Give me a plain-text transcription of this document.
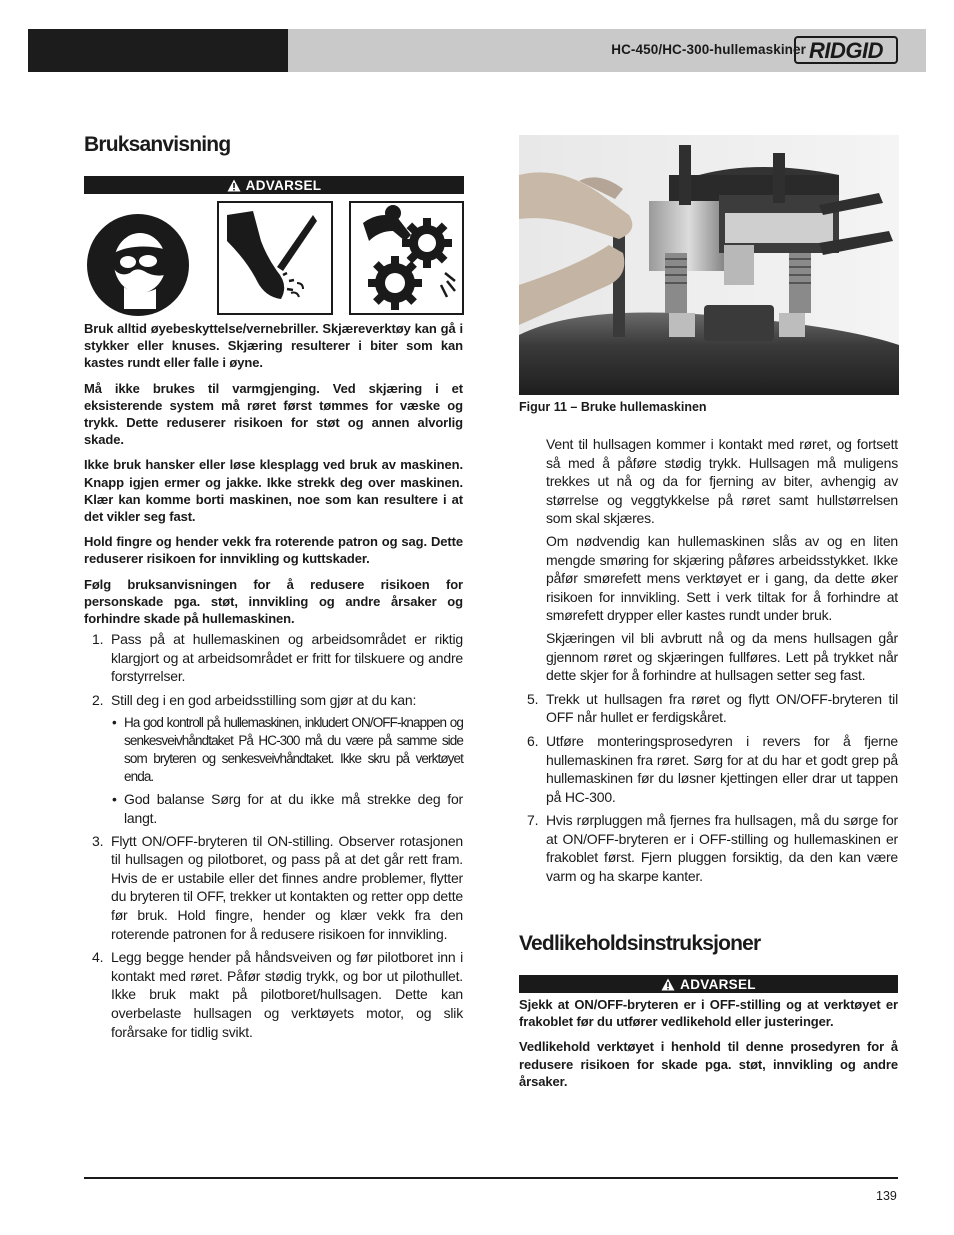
HC-450/HC-300-hullemaskiner RIDGID
Bruksanvisning
ADVARSEL
Bruk alltid øyebeskyttelse/vernebriller. Skjæreverktøy kan gå i stykker eller knuses. Skjæring resulterer i biter som kan kastes rundt eller falle i øyne.
Må ikke brukes til varmgjenging. Ved skjæring i et eksisterende system må røret først tømmes for væske og trykk. Dette reduserer risikoen for støt og annen alvorlig skade.
Ikke bruk hansker eller løse klesplagg ved bruk av maskinen. Knapp igjen ermer og jakke. Ikke strekk deg over maskinen. Klær kan komme borti maskinen, noe som kan resultere i at det vikler seg fast.
Hold fingre og hender vekk fra roterende patron og sag. Dette reduserer risikoen for innvikling og kuttskader.
Følg bruksanvisningen for å redusere risikoen for personskade pga. støt, innvikling og andre årsaker og forhindre skade på hullemaskinen.
1. Pass på at hullemaskinen og arbeidsområdet er riktig klargjort og at arbeidsområdet er fritt for tilskuere og andre forstyrrelser.
2. Still deg i en god arbeidsstilling som gjør at du kan:
• Ha god kontroll på hullemaskinen, inkludert ON/OFF-knappen og senkesveivhåndtaket På HC-300 må du være på samme side som bryteren og senkesveivhåndtaket. Ikke skru på verktøyet enda.
• God balanse Sørg for at du ikke må strekke deg for langt.
3. Flytt ON/OFF-bryteren til ON-stilling. Observer rotasjonen til hullsagen og pilotboret, og pass på at det går rett fram. Hvis de er ustabile eller det finnes andre problemer, flytter du bryteren til OFF, trekker ut kontakten og retter opp dette før bruk. Hold fingre, hender og klær vekk fra den roterende patronen for å redusere risikoen for innvikling.
4. Legg begge hender på håndsveiven og før pilotboret inn i kontakt med røret. Påfør stødig trykk, og bor ut pilothullet. Ikke bruk makt på pilotboret/hullsagen. Dette kan overbelaste hullsagen og verktøyets motor, og slik forårsake for tidlig svikt.
Figur 11 – Bruke hullemaskinen
Vent til hullsagen kommer i kontakt med røret, og fortsett så med å påføre stødig trykk. Hullsagen må muligens trekkes ut nå og da for fjerning av biter, avhengig av størrelse og veggtykkelse på røret samt hullstørrelsen som skal skjæres.
Om nødvendig kan hullemaskinen slås av og en liten mengde smøring for skjæring påføres arbeidsstykket. Ikke påfør smørefett mens verktøyet er i gang, da dette øker risikoen for innvikling. Sett i verk tiltak for å forhindre at smørefett drypper eller kastes rundt under bruk.
Skjæringen vil bli avbrutt nå og da mens hullsagen går gjennom røret og skjæringen fullføres. Lett på trykket når dette skjer for å forhindre at hullsagen setter seg fast.
5. Trekk ut hullsagen fra røret og flytt ON/OFF-bryteren til OFF når hullet er ferdigskåret.
6. Utføre monteringsprosedyren i revers for å fjerne hullemaskinen fra røret. Sørg for at du har et godt grep på hullemaskinen før du løsner kjettingen eller drar ut tappen på HC-300.
7. Hvis rørpluggen må fjernes fra hullsagen, må du sørge for at ON/OFF-bryteren er i OFF-stilling og hullemaskinen er frakoblet først. Fjern pluggen forsiktig, da den kan være varm og ha skarpe kanter.
Vedlikeholdsinstruksjoner
ADVARSEL
Sjekk at ON/OFF-bryteren er i OFF-stilling og at verktøyet er frakoblet før du utfører vedlikehold eller justeringer.
Vedlikehold verktøyet i henhold til denne prosedyren for å redusere risikoen for skade pga. støt, innvikling og andre årsaker.
139
